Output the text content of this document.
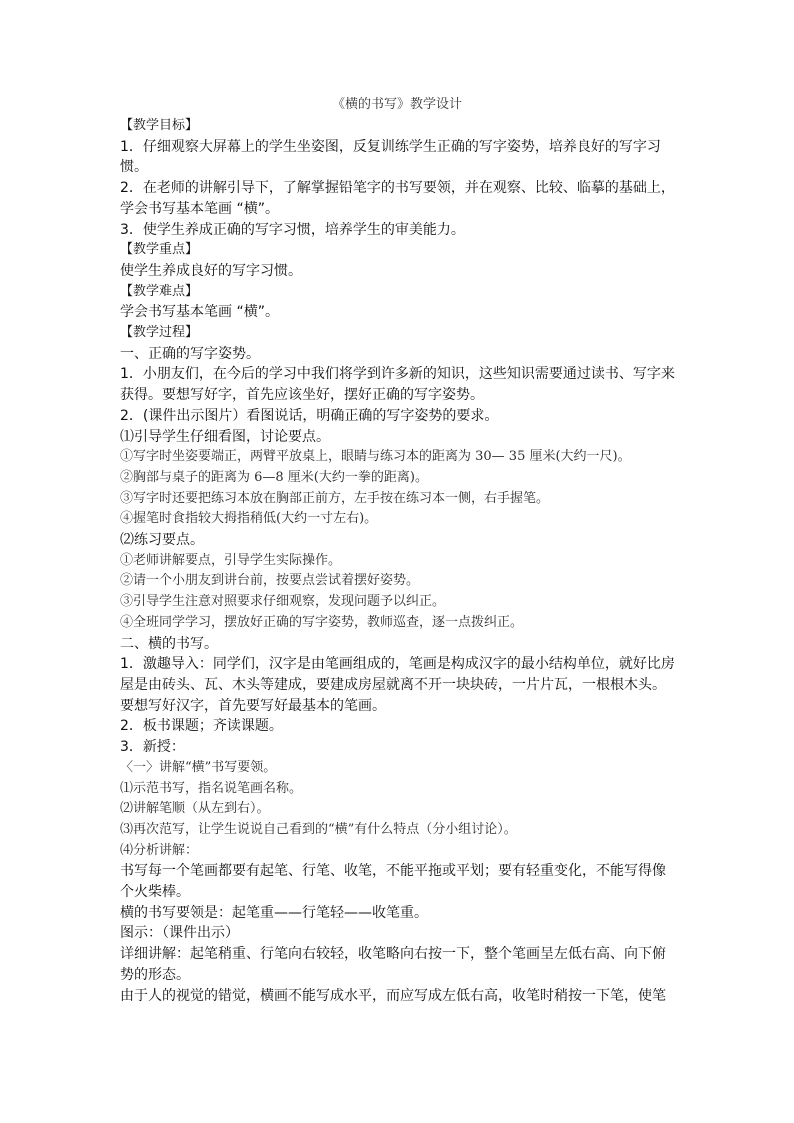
《横的书写》教学设计

【教学目标】

1．仔细观察大屏幕上的学生坐姿图，反复训练学生正确的写字姿势，培养良好的写字习

惯。

2．在老师的讲解引导下，了解掌握铅笔字的书写要领，并在观察、比较、临摹的基础上，

学会书写基本笔画 “横”。

3．使学生养成正确的写字习惯，培养学生的审美能力。

【教学重点】

使学生养成良好的写字习惯。

【教学难点】

学会书写基本笔画 “横”。

【教学过程】

一、正确的写字姿势。

1．小朋友们，在今后的学习中我们将学到许多新的知识，这些知识需要通过读书、写字来

获得。要想写好字，首先应该坐好，摆好正确的写字姿势。

2．(课件出示图片）看图说话，明确正确的写字姿势的要求。

⑴引导学生仔细看图，讨论要点。

①写字时坐姿要端正，两臂平放桌上，眼睛与练习本的距离为 30— 35 厘米(大约一尺)。

②胸部与桌子的距离为 6—8 厘米(大约一拳的距离)。

③写字时还要把练习本放在胸部正前方，左手按在练习本一侧，右手握笔。

④握笔时食指较大拇指稍低(大约一寸左右)。

⑵练习要点。

①老师讲解要点，引导学生实际操作。

②请一个小朋友到讲台前，按要点尝试着摆好姿势。

③引导学生注意对照要求仔细观察，发现问题予以纠正。

④全班同学学习，摆放好正确的写字姿势，教师巡查，逐一点拨纠正。

二、横的书写。

1．激趣导入：同学们，汉字是由笔画组成的，笔画是构成汉字的最小结构单位，就好比房

屋是由砖头、瓦、木头等建成，要建成房屋就离不开一块块砖，一片片瓦，一根根木头。

要想写好汉字，首先要写好最基本的笔画。

2．板书课题；齐读课题。

3．新授：

〈一〉讲解“横”书写要领。

⑴示范书写，指名说笔画名称。

⑵讲解笔顺（从左到右）。

⑶再次范写，让学生说说自己看到的“横”有什么特点（分小组讨论）。

⑷分析讲解：

书写每一个笔画都要有起笔、行笔、收笔，不能平拖或平划；要有轻重变化，不能写得像

个火柴棒。

横的书写要领是：起笔重——行笔轻——收笔重。

图示：（课件出示）

详细讲解：起笔稍重、行笔向右较轻，收笔略向右按一下，整个笔画呈左低右高、向下俯

势的形态。

由于人的视觉的错觉，横画不能写成水平，而应写成左低右高，收笔时稍按一下笔，使笔
